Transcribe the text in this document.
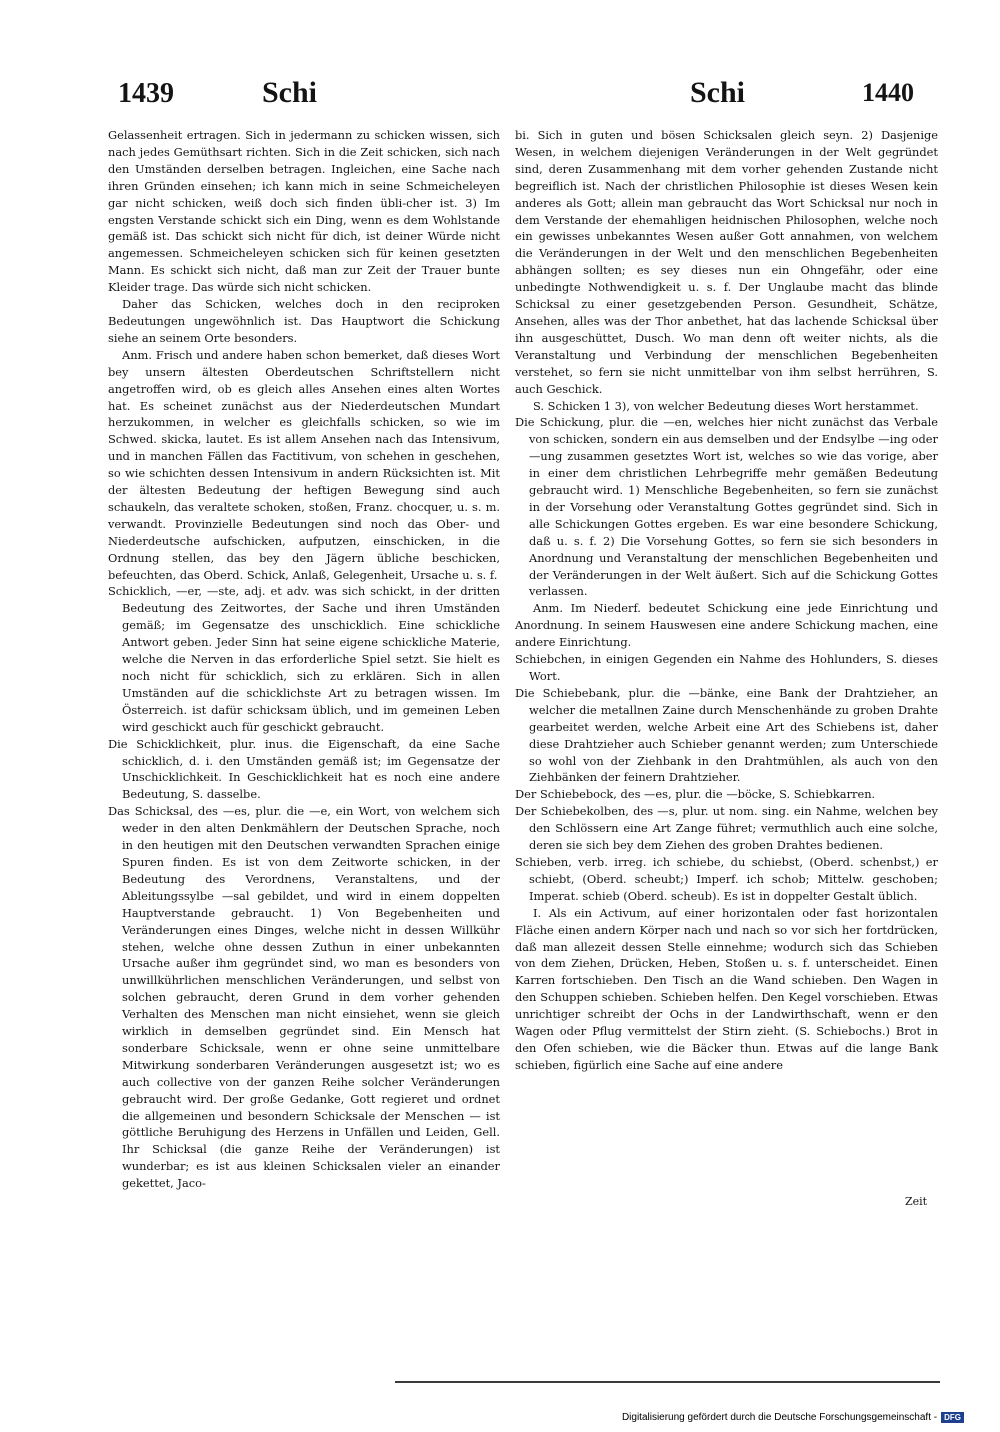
1439	Schi	Schi	1440

Gelassenheit ertragen. Sich in jedermann zu schicken wissen, sich nach jedes Gemüthsart richten. Sich in die Zeit schicken, sich nach den Umständen derselben betragen. Ingleichen, eine Sache nach ihren Gründen einsehen; ich kann mich in seine Schmeicheleyen gar nicht schicken, weiß doch sich finden übli-cher ist. 3) Im engsten Verstande schickt sich ein Ding, wenn es dem Wohlstande gemäß ist. Das schickt sich nicht für dich, ist deiner Würde nicht angemessen. Schmeicheleyen schicken sich für keinen gesetzten Mann. Es schickt sich nicht, daß man zur Zeit der Trauer bunte Kleider trage. Das würde sich nicht schicken.

Daher das Schicken, welches doch in den reciproken Bedeutungen ungewöhnlich ist. Das Hauptwort die Schickung siehe an seinem Orte besonders.

Anm. Frisch und andere haben schon bemerket, daß dieses Wort bey unsern ältesten Oberdeutschen Schriftstellern nicht angetroffen wird, ob es gleich alles Ansehen eines alten Wortes hat. Es scheinet zunächst aus der Niederdeutschen Mundart herzukommen, in welcher es gleichfalls schicken, so wie im Schwed. skicka, lautet. Es ist allem Ansehen nach das Intensivum, und in manchen Fällen das Factitivum, von schehen in geschehen, so wie schichten dessen Intensivum in andern Rücksichten ist. Mit der ältesten Bedeutung der heftigen Bewegung sind auch schaukeln, das veraltete schoken, stoßen, Franz. chocquer, u. s. m. verwandt. Provinzielle Bedeutungen sind noch das Ober- und Niederdeutsche aufschicken, aufputzen, einschicken, in die Ordnung stellen, das bey den Jägern übliche beschicken, befeuchten, das Oberd. Schick, Anlaß, Gelegenheit, Ursache u. s. f.

Schicklich, —er, —ste, adj. et adv. was sich schickt, in der dritten Bedeutung des Zeitwortes, der Sache und ihren Umständen gemäß; im Gegensatze des unschicklich. Eine schickliche Antwort geben. Jeder Sinn hat seine eigene schickliche Materie, welche die Nerven in das erforderliche Spiel setzt. Sie hielt es noch nicht für schicklich, sich zu erklären. Sich in allen Umständen auf die schicklichste Art zu betragen wissen. Im Österreich. ist dafür schicksam üblich, und im gemeinen Leben wird geschickt auch für geschickt gebraucht.

Die Schicklichkeit, plur. inus. die Eigenschaft, da eine Sache schicklich, d. i. den Umständen gemäß ist; im Gegensatze der Unschicklichkeit. In Geschicklichkeit hat es noch eine andere Bedeutung, S. dasselbe.

Das Schicksal, des —es, plur. die —e, ein Wort, von welchem sich weder in den alten Denkmählern der Deutschen Sprache, noch in den heutigen mit den Deutschen verwandten Sprachen einige Spuren finden. Es ist von dem Zeitworte schicken, in der Bedeutung des Verordnens, Veranstaltens, und der Ableitungssylbe —sal gebildet, und wird in einem doppelten Hauptverstande gebraucht. 1) Von Begebenheiten und Veränderungen eines Dinges, welche nicht in dessen Willkühr stehen, welche ohne dessen Zuthun in einer unbekannten Ursache außer ihm gegründet sind, wo man es besonders von unwillkührlichen menschlichen Veränderungen, und selbst von solchen gebraucht, deren Grund in dem vorher gehenden Verhalten des Menschen man nicht einsiehet, wenn sie gleich wirklich in demselben gegründet sind. Ein Mensch hat sonderbare Schicksale, wenn er ohne seine unmittelbare Mitwirkung sonderbaren Veränderungen ausgesetzt ist; wo es auch collective von der ganzen Reihe solcher Veränderungen gebraucht wird. Der große Gedanke, Gott regieret und ordnet die allgemeinen und besondern Schicksale der Menschen — ist göttliche Beruhigung des Herzens in Unfällen und Leiden, Gell. Ihr Schicksal (die ganze Reihe der Veränderungen) ist wunderbar; es ist aus kleinen Schicksalen vieler an einander gekettet, Jaco-

bi. Sich in guten und bösen Schicksalen gleich seyn. 2) Dasjenige Wesen, in welchem diejenigen Veränderungen in der Welt gegründet sind, deren Zusammenhang mit dem vorher gehenden Zustande nicht begreiflich ist. Nach der christlichen Philosophie ist dieses Wesen kein anderes als Gott; allein man gebraucht das Wort Schicksal nur noch in dem Verstande der ehemahligen heidnischen Philosophen, welche noch ein gewisses unbekanntes Wesen außer Gott annahmen, von welchem die Veränderungen in der Welt und den menschlichen Begebenheiten abhängen sollten; es sey dieses nun ein Ohngefähr, oder eine unbedingte Nothwendigkeit u. s. f. Der Unglaube macht das blinde Schicksal zu einer gesetzgebenden Person. Gesundheit, Schätze, Ansehen, alles was der Thor anbethet, hat das lachende Schicksal über ihn ausgeschüttet, Dusch. Wo man denn oft weiter nichts, als die Veranstaltung und Verbindung der menschlichen Begebenheiten verstehet, so fern sie nicht unmittelbar von ihm selbst herrühren, S. auch Geschick.

S. Schicken 1 3), von welcher Bedeutung dieses Wort herstammet.

Die Schickung, plur. die —en, welches hier nicht zunächst das Verbale von schicken, sondern ein aus demselben und der Endsylbe —ing oder —ung zusammen gesetztes Wort ist, welches so wie das vorige, aber in einer dem christlichen Lehrbegriffe mehr gemäßen Bedeutung gebraucht wird. 1) Menschliche Begebenheiten, so fern sie zunächst in der Vorsehung oder Veranstaltung Gottes gegründet sind. Sich in alle Schickungen Gottes ergeben. Es war eine besondere Schickung, daß u. s. f. 2) Die Vorsehung Gottes, so fern sie sich besonders in Anordnung und Veranstaltung der menschlichen Begebenheiten und der Veränderungen in der Welt äußert. Sich auf die Schickung Gottes verlassen.

Anm. Im Niederf. bedeutet Schickung eine jede Einrichtung und Anordnung. In seinem Hauswesen eine andere Schickung machen, eine andere Einrichtung.

Schiebchen, in einigen Gegenden ein Nahme des Hohlunders, S. dieses Wort.

Die Schiebebank, plur. die —bänke, eine Bank der Drahtzieher, an welcher die metallnen Zaine durch Menschenhände zu groben Drahte gearbeitet werden, welche Arbeit eine Art des Schiebens ist, daher diese Drahtzieher auch Schieber genannt werden; zum Unterschiede so wohl von der Ziehbank in den Drahtmühlen, als auch von den Ziehbänken der feinern Drahtzieher.

Der Schiebebock, des —es, plur. die —böcke, S. Schiebkarren.

Der Schiebekolben, des —s, plur. ut nom. sing. ein Nahme, welchen bey den Schlössern eine Art Zange führet; vermuthlich auch eine solche, deren sie sich bey dem Ziehen des groben Drahtes bedienen.

Schieben, verb. irreg. ich schiebe, du schiebst, (Oberd. schenbst,) er schiebt, (Oberd. scheubt;) Imperf. ich schob; Mittelw. geschoben; Imperat. schieb (Oberd. scheub). Es ist in doppelter Gestalt üblich.

I. Als ein Activum, auf einer horizontalen oder fast horizontalen Fläche einen andern Körper nach und nach so vor sich her fortdrücken, daß man allezeit dessen Stelle einnehme; wodurch sich das Schieben von dem Ziehen, Drücken, Heben, Stoßen u. s. f. unterscheidet. Einen Karren fortschieben. Den Tisch an die Wand schieben. Den Wagen in den Schuppen schieben. Schieben helfen. Den Kegel vorschieben. Etwas unrichtiger schreibt der Ochs in der Landwirthschaft, wenn er den Wagen oder Pflug vermittelst der Stirn zieht. (S. Schiebochs.) Brot in den Ofen schieben, wie die Bäcker thun. Etwas auf die lange Bank schieben, figürlich eine Sache auf eine andere

Zeit
Digitalisierung gefördert durch die Deutsche Forschungsgemeinschaft - DFG
